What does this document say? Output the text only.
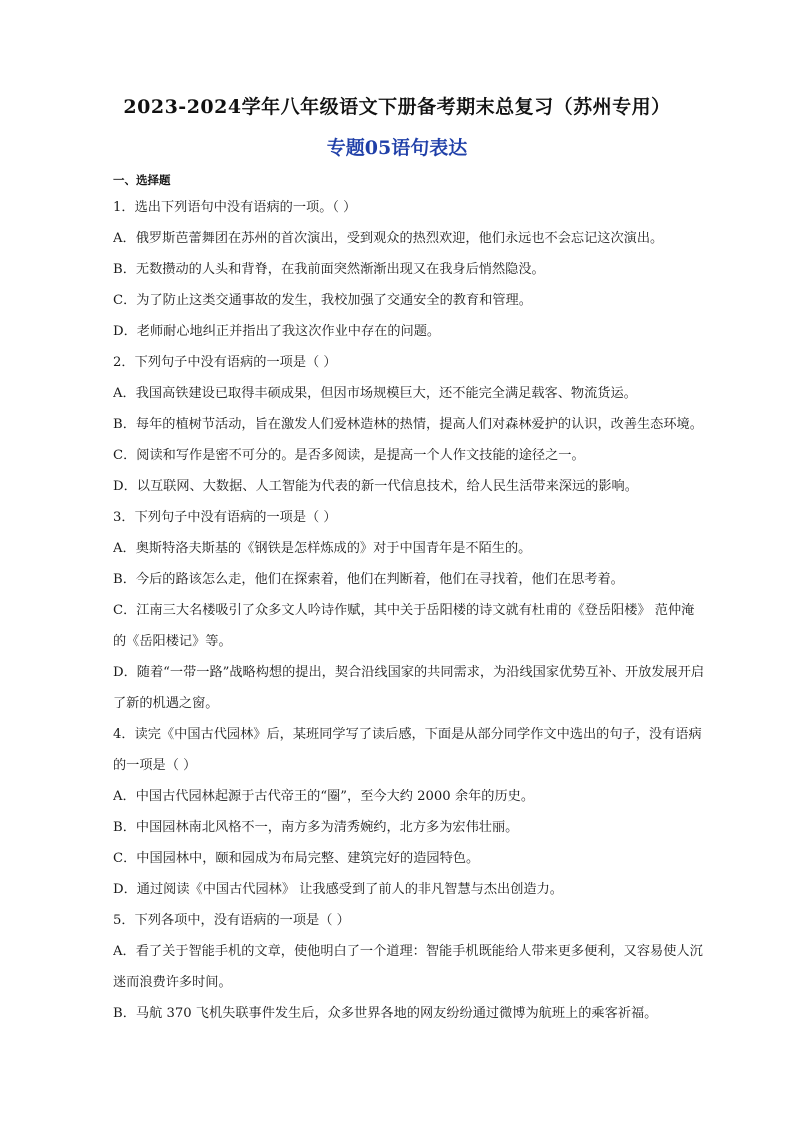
2023-2024学年八年级语文下册备考期末总复习（苏州专用）
专题05语句表达
一、选择题
1．选出下列语句中没有语病的一项。（ ）
A．俄罗斯芭蕾舞团在苏州的首次演出，受到观众的热烈欢迎，他们永远也不会忘记这次演出。
B．无数攒动的人头和背脊，在我前面突然渐渐出现又在我身后悄然隐没。
C．为了防止这类交通事故的发生，我校加强了交通安全的教育和管理。
D．老师耐心地纠正并指出了我这次作业中存在的问题。
2．下列句子中没有语病的一项是（ ）
A．我国高铁建设已取得丰硕成果，但因市场规模巨大，还不能完全满足载客、物流货运。
B．每年的植树节活动，旨在激发人们爱林造林的热情，提高人们对森林爱护的认识，改善生态环境。
C．阅读和写作是密不可分的。是否多阅读，是提高一个人作文技能的途径之一。
D．以互联网、大数据、人工智能为代表的新一代信息技术，给人民生活带来深远的影响。
3．下列句子中没有语病的一项是（ ）
A．奥斯特洛夫斯基的《钢铁是怎样炼成的》对于中国青年是不陌生的。
B．今后的路该怎么走，他们在探索着，他们在判断着，他们在寻找着，他们在思考着。
C．江南三大名楼吸引了众多文人吟诗作赋，其中关于岳阳楼的诗文就有杜甫的《登岳阳楼》 范仲淹
的《岳阳楼记》等。
D．随着“一带一路”战略构想的提出，契合沿线国家的共同需求，为沿线国家优势互补、开放发展开启
了新的机遇之窗。
4．读完《中国古代园林》后，某班同学写了读后感，下面是从部分同学作文中选出的句子，没有语病
的一项是（ ）
A．中国古代园林起源于古代帝王的“圈”，至今大约 2000 余年的历史。
B．中国园林南北风格不一，南方多为清秀婉约，北方多为宏伟壮丽。
C．中国园林中，颐和园成为布局完整、建筑完好的造园特色。
D．通过阅读《中国古代园林》 让我感受到了前人的非凡智慧与杰出创造力。
5．下列各项中，没有语病的一项是（ ）
A．看了关于智能手机的文章，使他明白了一个道理：智能手机既能给人带来更多便利，又容易使人沉
迷而浪费许多时间。
B．马航 370 飞机失联事件发生后，众多世界各地的网友纷纷通过微博为航班上的乘客祈福。
